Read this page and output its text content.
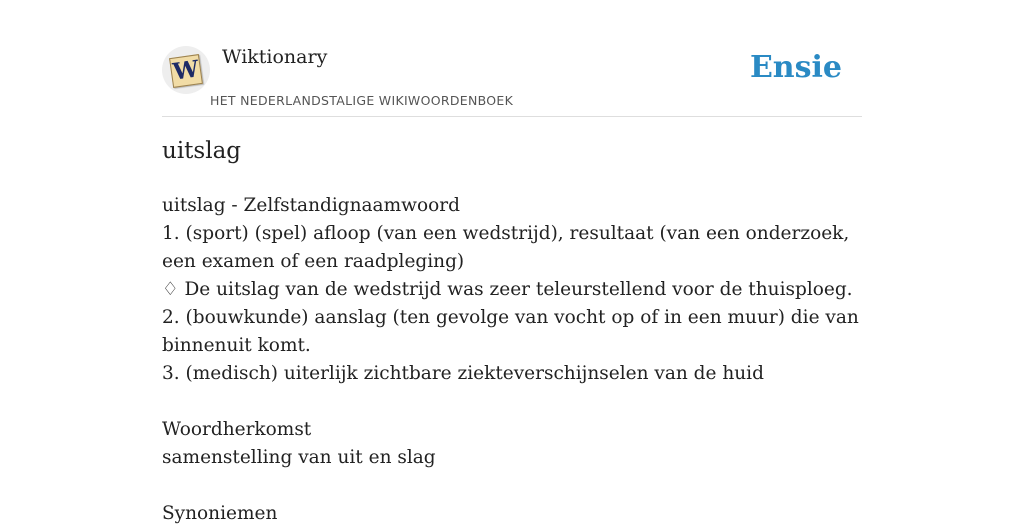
W Wiktionary
HET NEDERLANDSTALIGE WIKIWOORDENBOEK
Ensie
uitslag
uitslag - Zelfstandignaamwoord
1. (sport) (spel) afloop (van een wedstrijd), resultaat (van een onderzoek, een examen of een raadpleging)
♢ De uitslag van de wedstrijd was zeer teleurstellend voor de thuisploeg.
2. (bouwkunde) aanslag (ten gevolge van vocht op of in een muur) die van binnenuit komt.
3. (medisch) uiterlijk zichtbare ziekteverschijnselen van de huid
Woordherkomst
samenstelling van uit en slag
Synoniemen
